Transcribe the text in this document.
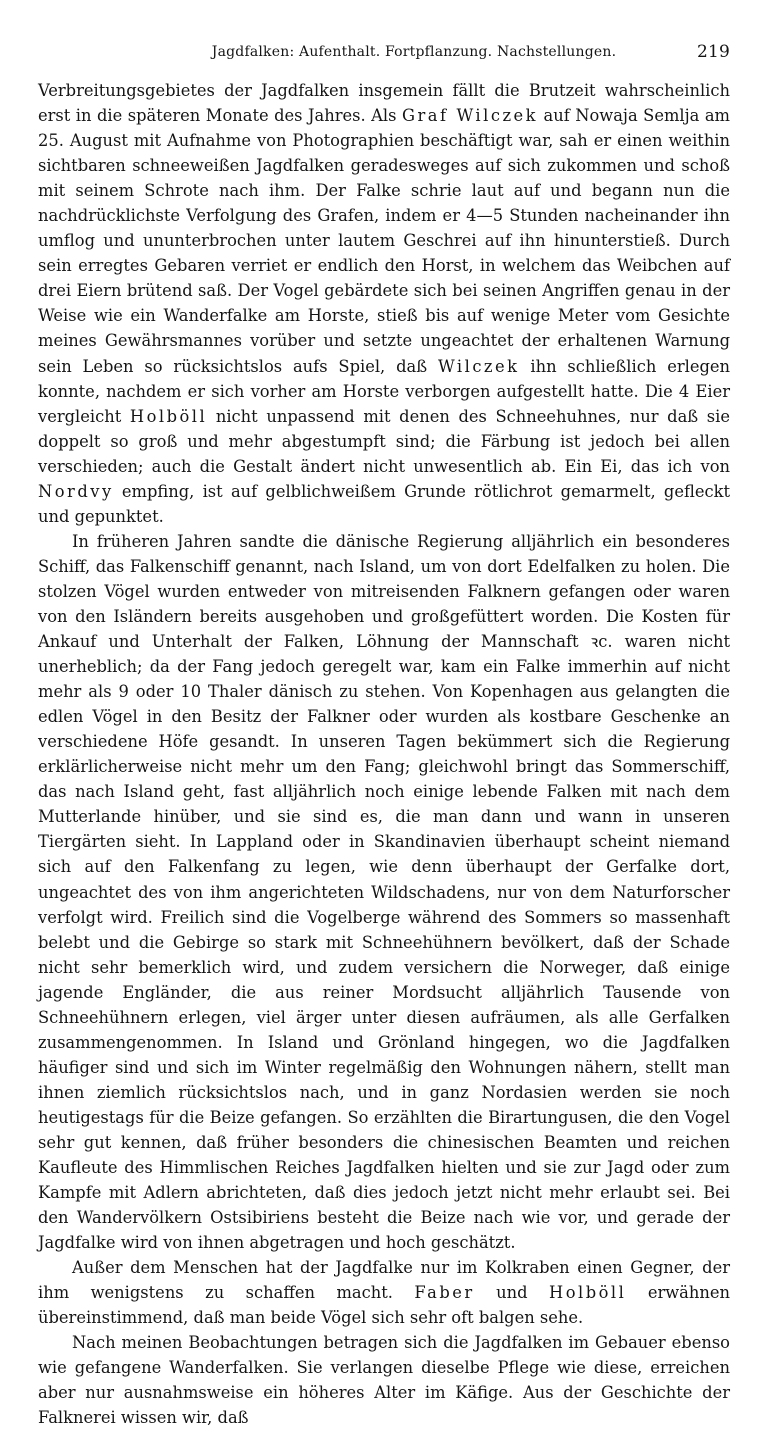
Jagdfalken: Aufenthalt. Fortpflanzung. Nachstellungen.	219

Verbreitungsgebietes der Jagdfalken insgemein fällt die Brutzeit wahrscheinlich erst in die späteren Monate des Jahres. Als Graf Wilczek auf Nowaja Semlja am 25. August mit Aufnahme von Photographien beschäftigt war, sah er einen weithin sichtbaren schneeweißen Jagdfalken geradesweges auf sich zukommen und schoß mit seinem Schrote nach ihm. Der Falke schrie laut auf und begann nun die nachdrücklichste Verfolgung des Grafen, indem er 4—5 Stunden nacheinander ihn umflog und ununterbrochen unter lautem Geschrei auf ihn hinunterstieß. Durch sein erregtes Gebaren verriet er endlich den Horst, in welchem das Weibchen auf drei Eiern brütend saß. Der Vogel gebärdete sich bei seinen Angriffen genau in der Weise wie ein Wanderfalke am Horste, stieß bis auf wenige Meter vom Gesichte meines Gewährsmannes vorüber und setzte ungeachtet der erhaltenen Warnung sein Leben so rücksichtslos aufs Spiel, daß Wilczek ihn schließlich erlegen konnte, nachdem er sich vorher am Horste verborgen aufgestellt hatte. Die 4 Eier vergleicht Holböll nicht unpassend mit denen des Schneehuhnes, nur daß sie doppelt so groß und mehr abgestumpft sind; die Färbung ist jedoch bei allen verschieden; auch die Gestalt ändert nicht unwesentlich ab. Ein Ei, das ich von Nordvy empfing, ist auf gelblichweißem Grunde rötlichrot gemarmelt, gefleckt und gepunktet.

In früheren Jahren sandte die dänische Regierung alljährlich ein besonderes Schiff, das Falkenschiff genannt, nach Island, um von dort Edelfalken zu holen. Die stolzen Vögel wurden entweder von mitreisenden Falknern gefangen oder waren von den Isländern bereits ausgehoben und großgefüttert worden. Die Kosten für Ankauf und Unterhalt der Falken, Löhnung der Mannschaft ꝛc. waren nicht unerheblich; da der Fang jedoch geregelt war, kam ein Falke immerhin auf nicht mehr als 9 oder 10 Thaler dänisch zu stehen. Von Kopenhagen aus gelangten die edlen Vögel in den Besitz der Falkner oder wurden als kostbare Geschenke an verschiedene Höfe gesandt. In unseren Tagen bekümmert sich die Regierung erklärlicherweise nicht mehr um den Fang; gleichwohl bringt das Sommerschiff, das nach Island geht, fast alljährlich noch einige lebende Falken mit nach dem Mutterlande hinüber, und sie sind es, die man dann und wann in unseren Tiergärten sieht. In Lappland oder in Skandinavien überhaupt scheint niemand sich auf den Falkenfang zu legen, wie denn überhaupt der Gerfalke dort, ungeachtet des von ihm angerichteten Wildschadens, nur von dem Naturforscher verfolgt wird. Freilich sind die Vogelberge während des Sommers so massenhaft belebt und die Gebirge so stark mit Schneehühnern bevölkert, daß der Schade nicht sehr bemerklich wird, und zudem versichern die Norweger, daß einige jagende Engländer, die aus reiner Mordsucht alljährlich Tausende von Schneehühnern erlegen, viel ärger unter diesen aufräumen, als alle Gerfalken zusammengenommen. In Island und Grönland hingegen, wo die Jagdfalken häufiger sind und sich im Winter regelmäßig den Wohnungen nähern, stellt man ihnen ziemlich rücksichtslos nach, und in ganz Nordasien werden sie noch heutigestags für die Beize gefangen. So erzählten die Birartungusen, die den Vogel sehr gut kennen, daß früher besonders die chinesischen Beamten und reichen Kaufleute des Himmlischen Reiches Jagdfalken hielten und sie zur Jagd oder zum Kampfe mit Adlern abrichteten, daß dies jedoch jetzt nicht mehr erlaubt sei. Bei den Wandervölkern Ostsibiriens besteht die Beize nach wie vor, und gerade der Jagdfalke wird von ihnen abgetragen und hoch geschätzt.

Außer dem Menschen hat der Jagdfalke nur im Kolkraben einen Gegner, der ihm wenigstens zu schaffen macht. Faber und Holböll erwähnen übereinstimmend, daß man beide Vögel sich sehr oft balgen sehe.

Nach meinen Beobachtungen betragen sich die Jagdfalken im Gebauer ebenso wie gefangene Wanderfalken. Sie verlangen dieselbe Pflege wie diese, erreichen aber nur ausnahmsweise ein höheres Alter im Käfige. Aus der Geschichte der Falknerei wissen wir, daß
